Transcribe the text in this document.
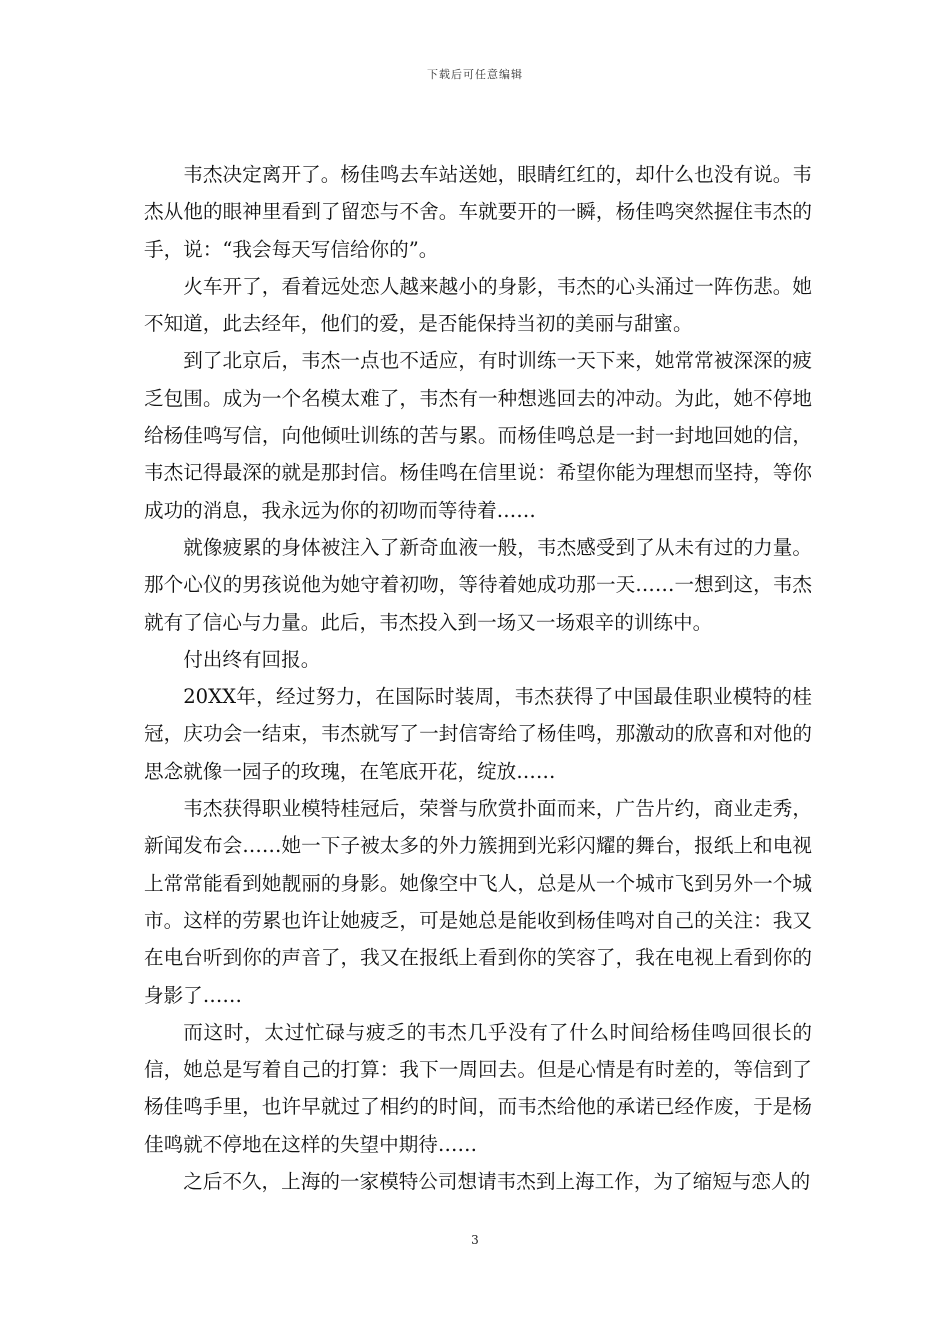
下载后可任意编辑

韦杰决定离开了。杨佳鸣去车站送她，眼睛红红的，却什么也没有说。韦杰从他的眼神里看到了留恋与不舍。车就要开的一瞬，杨佳鸣突然握住韦杰的手，说：“我会每天写信给你的”。

火车开了，看着远处恋人越来越小的身影，韦杰的心头涌过一阵伤悲。她不知道，此去经年，他们的爱，是否能保持当初的美丽与甜蜜。

到了北京后，韦杰一点也不适应，有时训练一天下来，她常常被深深的疲乏包围。成为一个名模太难了，韦杰有一种想逃回去的冲动。为此，她不停地给杨佳鸣写信，向他倾吐训练的苦与累。而杨佳鸣总是一封一封地回她的信，韦杰记得最深的就是那封信。杨佳鸣在信里说：希望你能为理想而坚持，等你成功的消息，我永远为你的初吻而等待着……

就像疲累的身体被注入了新奇血液一般，韦杰感受到了从未有过的力量。那个心仪的男孩说他为她守着初吻，等待着她成功那一天……一想到这，韦杰就有了信心与力量。此后，韦杰投入到一场又一场艰辛的训练中。

付出终有回报。

20XX年，经过努力，在国际时装周，韦杰获得了中国最佳职业模特的桂冠，庆功会一结束，韦杰就写了一封信寄给了杨佳鸣，那激动的欣喜和对他的思念就像一园子的玫瑰，在笔底开花，绽放……

韦杰获得职业模特桂冠后，荣誉与欣赏扑面而来，广告片约，商业走秀，新闻发布会……她一下子被太多的外力簇拥到光彩闪耀的舞台，报纸上和电视上常常能看到她靓丽的身影。她像空中飞人，总是从一个城市飞到另外一个城市。这样的劳累也许让她疲乏，可是她总是能收到杨佳鸣对自己的关注：我又在电台听到你的声音了，我又在报纸上看到你的笑容了，我在电视上看到你的身影了……

而这时，太过忙碌与疲乏的韦杰几乎没有了什么时间给杨佳鸣回很长的信，她总是写着自己的打算：我下一周回去。但是心情是有时差的，等信到了杨佳鸣手里，也许早就过了相约的时间，而韦杰给他的承诺已经作废，于是杨佳鸣就不停地在这样的失望中期待……

之后不久，上海的一家模特公司想请韦杰到上海工作，为了缩短与恋人的

3
